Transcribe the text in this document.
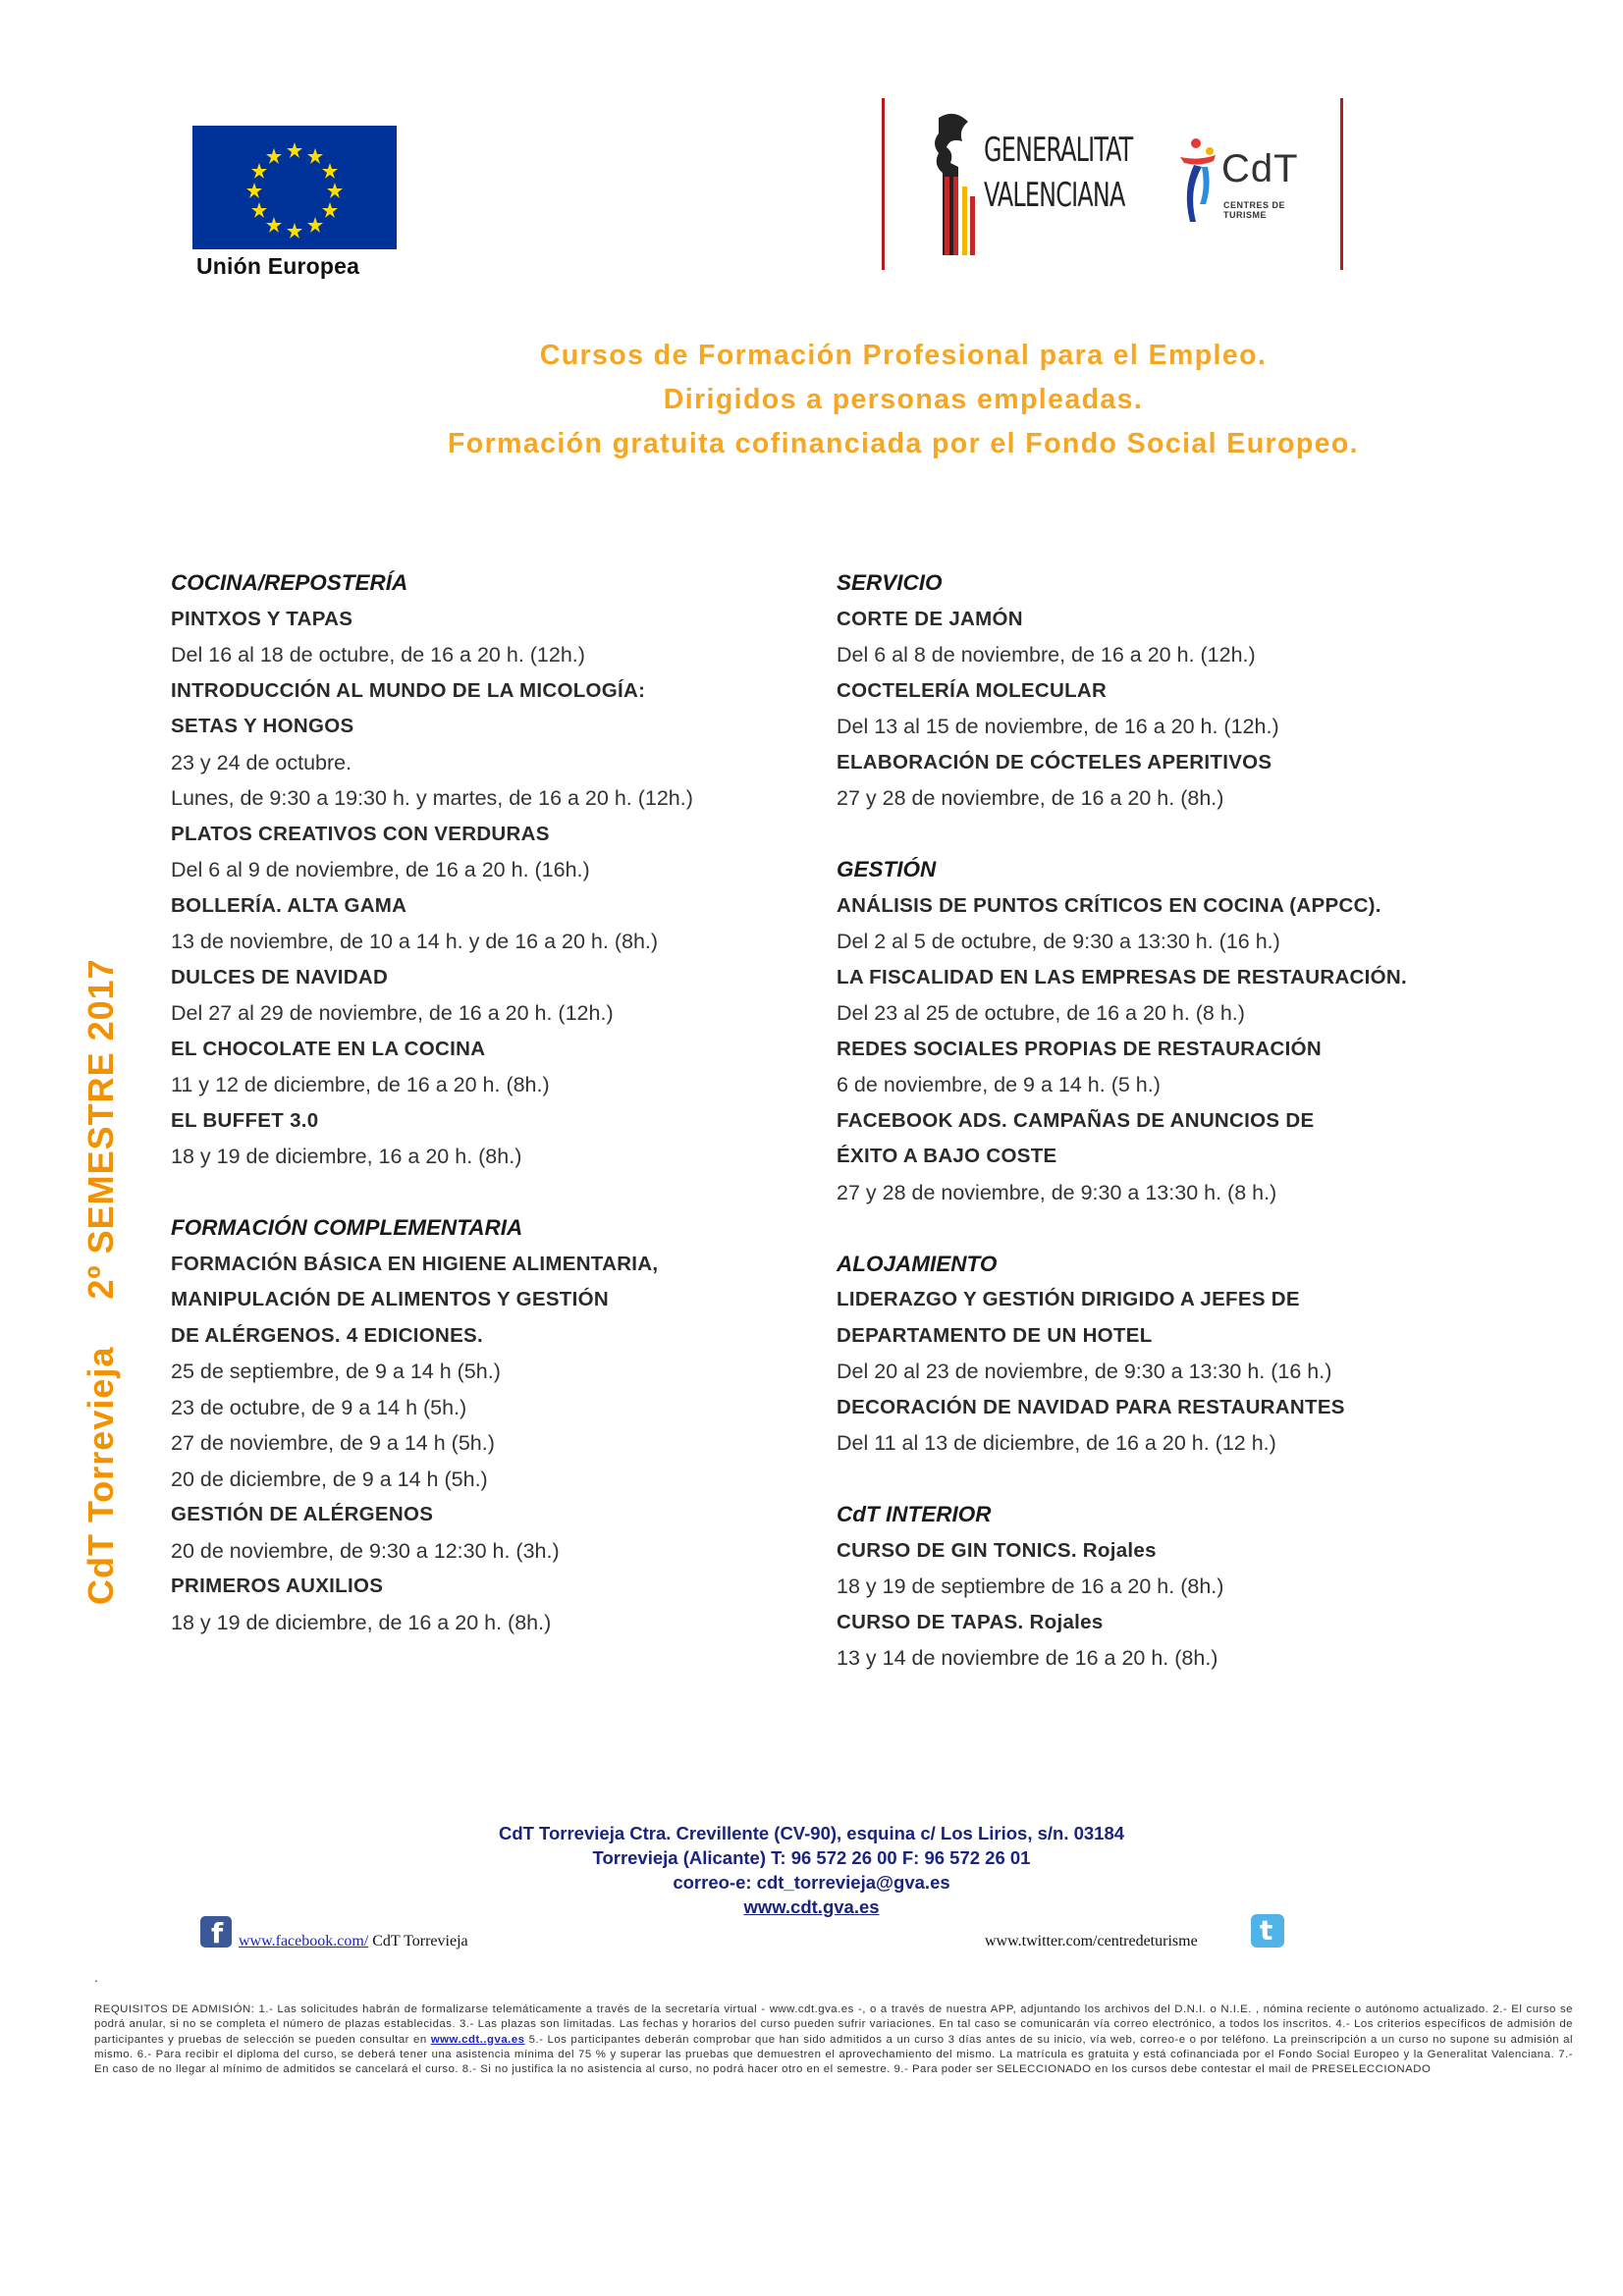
Unión Europea
GENERALITAT
VALENCIANA
CdT
CENTRES DE TURISME
Cursos de Formación Profesional para el Empleo.
Dirigidos a personas empleadas.
Formación gratuita cofinanciada por el Fondo Social Europeo.
CdT Torrevieja2º SEMESTRE 2017
COCINA/REPOSTERÍA
PINTXOS Y TAPAS
Del 16 al 18 de octubre, de 16 a 20 h. (12h.)
INTRODUCCIÓN AL MUNDO DE LA MICOLOGÍA:
SETAS Y HONGOS
23 y 24 de octubre.
Lunes, de 9:30 a 19:30 h. y martes, de 16 a 20 h. (12h.)
PLATOS CREATIVOS CON VERDURAS
Del 6 al 9 de noviembre, de 16 a 20 h. (16h.)
BOLLERÍA. ALTA GAMA
13 de noviembre, de 10 a 14 h. y de 16 a 20 h. (8h.)
DULCES DE NAVIDAD
Del 27 al 29 de noviembre, de 16 a 20 h. (12h.)
EL CHOCOLATE EN LA COCINA
11 y 12 de diciembre, de 16 a 20 h. (8h.)
EL BUFFET 3.0
18 y 19 de diciembre, 16 a 20 h. (8h.)
FORMACIÓN COMPLEMENTARIA
FORMACIÓN BÁSICA EN HIGIENE ALIMENTARIA,
MANIPULACIÓN DE ALIMENTOS Y GESTIÓN
DE ALÉRGENOS. 4 EDICIONES.
25 de septiembre, de 9 a 14 h (5h.)
23 de octubre, de 9 a 14 h (5h.)
27 de noviembre, de 9 a 14 h (5h.)
20 de diciembre, de 9 a 14 h (5h.)
GESTIÓN DE ALÉRGENOS
20 de noviembre, de 9:30 a 12:30 h. (3h.)
PRIMEROS AUXILIOS
18 y 19 de diciembre, de 16 a 20 h. (8h.)
SERVICIO
CORTE DE JAMÓN
Del 6 al 8 de noviembre, de 16 a 20 h. (12h.)
COCTELERÍA MOLECULAR
Del 13 al 15 de noviembre, de 16 a 20 h. (12h.)
ELABORACIÓN DE CÓCTELES APERITIVOS
27 y 28 de noviembre, de 16 a 20 h. (8h.)
GESTIÓN
ANÁLISIS DE PUNTOS CRÍTICOS EN COCINA (APPCC).
Del 2 al 5 de octubre, de 9:30 a 13:30 h. (16 h.)
LA FISCALIDAD EN LAS EMPRESAS DE RESTAURACIÓN.
Del 23 al 25 de octubre, de 16 a 20 h. (8 h.)
REDES SOCIALES PROPIAS DE RESTAURACIÓN
6 de noviembre, de 9 a 14 h. (5 h.)
FACEBOOK ADS. CAMPAÑAS DE ANUNCIOS DE
ÉXITO A BAJO COSTE
27 y 28 de noviembre, de 9:30 a 13:30 h. (8 h.)
ALOJAMIENTO
LIDERAZGO Y GESTIÓN DIRIGIDO A JEFES DE
DEPARTAMENTO DE UN HOTEL
Del 20 al 23 de noviembre, de 9:30 a 13:30 h. (16 h.)
DECORACIÓN DE NAVIDAD PARA RESTAURANTES
Del 11 al 13 de diciembre, de 16 a 20 h. (12 h.)
CdT INTERIOR
CURSO DE GIN TONICS. Rojales
18 y 19 de septiembre de 16 a 20 h. (8h.)
CURSO DE TAPAS. Rojales
13 y 14 de noviembre de 16 a 20 h. (8h.)
CdT Torrevieja Ctra. Crevillente (CV-90), esquina c/ Los Lirios, s/n. 03184
Torrevieja (Alicante) T: 96 572 26 00 F: 96 572 26 01
correo-e: cdt_torrevieja@gva.es
www.cdt.gva.es
f www.facebook.com/ CdT Torrevieja	www.twitter.com/centredeturisme t
.
REQUISITOS DE ADMISIÓN: 1.- Las solicitudes habrán de formalizarse telemáticamente a través de la secretaría virtual - www.cdt.gva.es -, o a través de nuestra APP, adjuntando los archivos del D.N.I. o N.I.E. , nómina reciente o autónomo actualizado. 2.- El curso se podrá anular, si no se completa el número de plazas establecidas. 3.- Las plazas son limitadas. Las fechas y horarios del curso pueden sufrir variaciones. En tal caso se comunicarán vía correo electrónico, a todos los inscritos. 4.- Los criterios específicos de admisión de participantes y pruebas de selección se pueden consultar en www.cdt..gva.es 5.- Los participantes deberán comprobar que han sido admitidos a un curso 3 días antes de su inicio, vía web, correo-e o por teléfono. La preinscripción a un curso no supone su admisión al mismo. 6.- Para recibir el diploma del curso, se deberá tener una asistencia mínima del 75 % y superar las pruebas que demuestren el aprovechamiento del mismo. La matrícula es gratuita y está cofinanciada por el Fondo Social Europeo y la Generalitat Valenciana. 7.- En caso de no llegar al mínimo de admitidos se cancelará el curso. 8.- Si no justifica la no asistencia al curso, no podrá hacer otro en el semestre. 9.- Para poder ser SELECCIONADO en los cursos debe contestar el mail de PRESELECCIONADO
